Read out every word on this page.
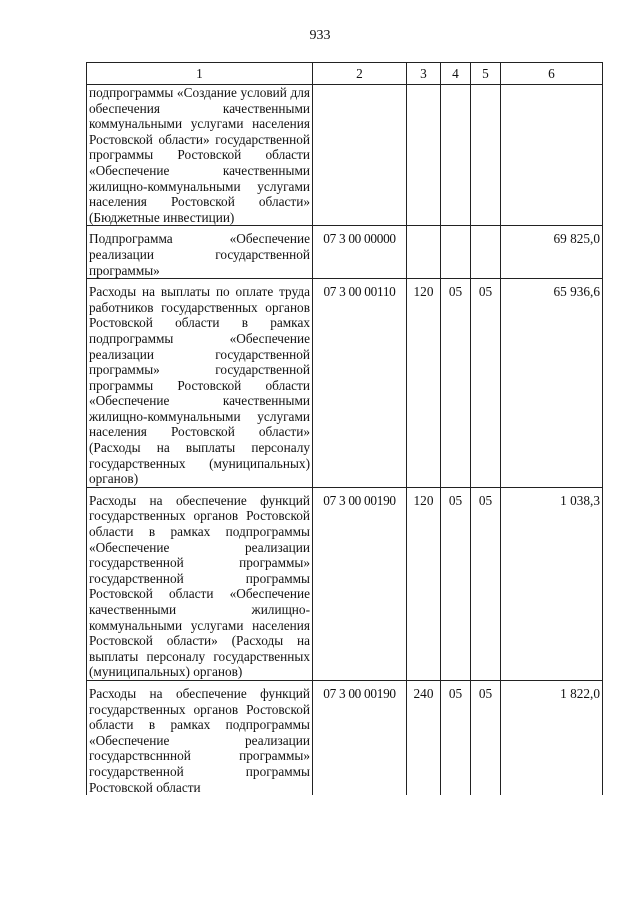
933
1	2	3	4	5	6
подпрограммы «Создание условий для обеспечения качественными коммунальными услугами населения Ростовской области» государственной программы Ростовской области «Обеспечение качественными жилищно-коммунальными услугами населения Ростовской области» (Бюджетные инвестиции)					
Подпрограмма «Обеспечение реализации государственной программы»	07 3 00 00000				69 825,0
Расходы на выплаты по оплате труда работников государственных органов Ростовской области в рамках подпрограммы «Обеспечение реализации государственной программы» государственной программы Ростовской области «Обеспечение качественными жилищно-коммунальными услугами населения Ростовской области» (Расходы на выплаты персоналу государственных (муниципальных) органов)	07 3 00 00110	120	05	05	65 936,6
Расходы на обеспечение функций государственных органов Ростовской области в рамках подпрограммы «Обеспечение реализации государственной программы» государственной программы Ростовской области «Обеспечение качественными жилищно-коммунальными услугами населения Ростовской области» (Расходы на выплаты персоналу государственных (муниципальных) органов)	07 3 00 00190	120	05	05	1 038,3
Расходы на обеспечение функций государственных органов Ростовской области в рамках подпрограммы «Обеспечение реализации государствсннной программы» государственной программы Ростовской области	07 3 00 00190	240	05	05	1 822,0
